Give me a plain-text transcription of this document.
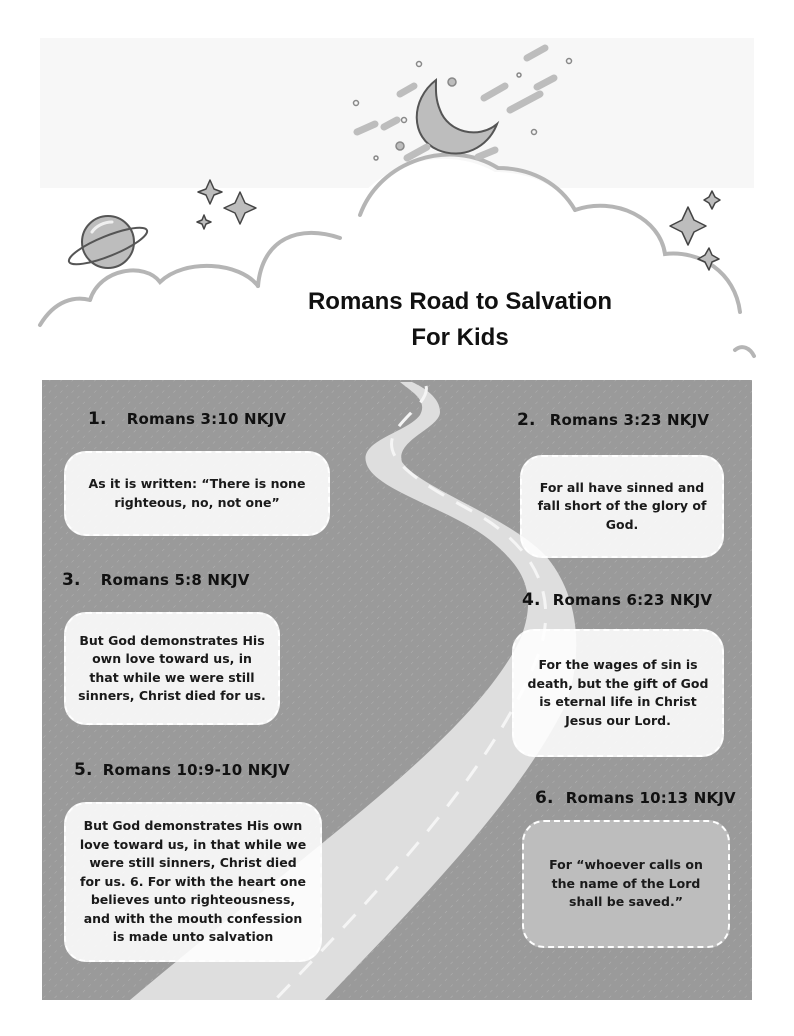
Romans Road to Salvation
For Kids
1. Romans 3:10 NKJV
As it is written: “There is none righteous, no, not one”
2. Romans 3:23 NKJV
For all have sinned and fall short of the glory of God.
3. Romans 5:8 NKJV
But God demonstrates His own love toward us, in that while we were still sinners, Christ died for us.
4. Romans 6:23 NKJV
For the wages of sin is death, but the gift of God is eternal life in Christ Jesus our Lord.
5. Romans 10:9-10 NKJV
But God demonstrates His own love toward us, in that while we were still sinners, Christ died for us. 6. For with the heart one believes unto righteousness, and with the mouth confession is made unto salvation
6. Romans 10:13 NKJV
For “whoever calls on the name of the Lord shall be saved.”
